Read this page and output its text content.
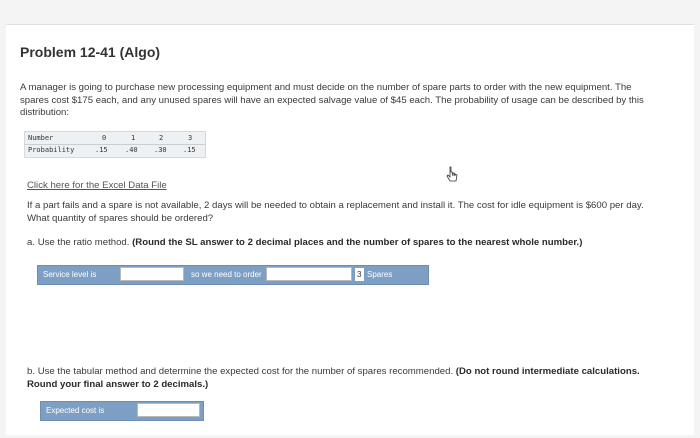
Problem 12-41 (Algo)
A manager is going to purchase new processing equipment and must decide on the number of spare parts to order with the new equipment. The spares cost $175 each, and any unused spares will have an expected salvage value of $45 each. The probability of usage can be described by this distribution:
Number	0	1	2	3
Probability	.15 .40 .30 .15
Click here for the Excel Data File
If a part fails and a spare is not available, 2 days will be needed to obtain a replacement and install it. The cost for idle equipment is $600 per day. What quantity of spares should be ordered?
a. Use the ratio method. (Round the SL answer to 2 decimal places and the number of spares to the nearest whole number.)
Service level is	so we need to order	3 Spares
b. Use the tabular method and determine the expected cost for the number of spares recommended. (Do not round intermediate calculations. Round your final answer to 2 decimals.)
Expected cost is
